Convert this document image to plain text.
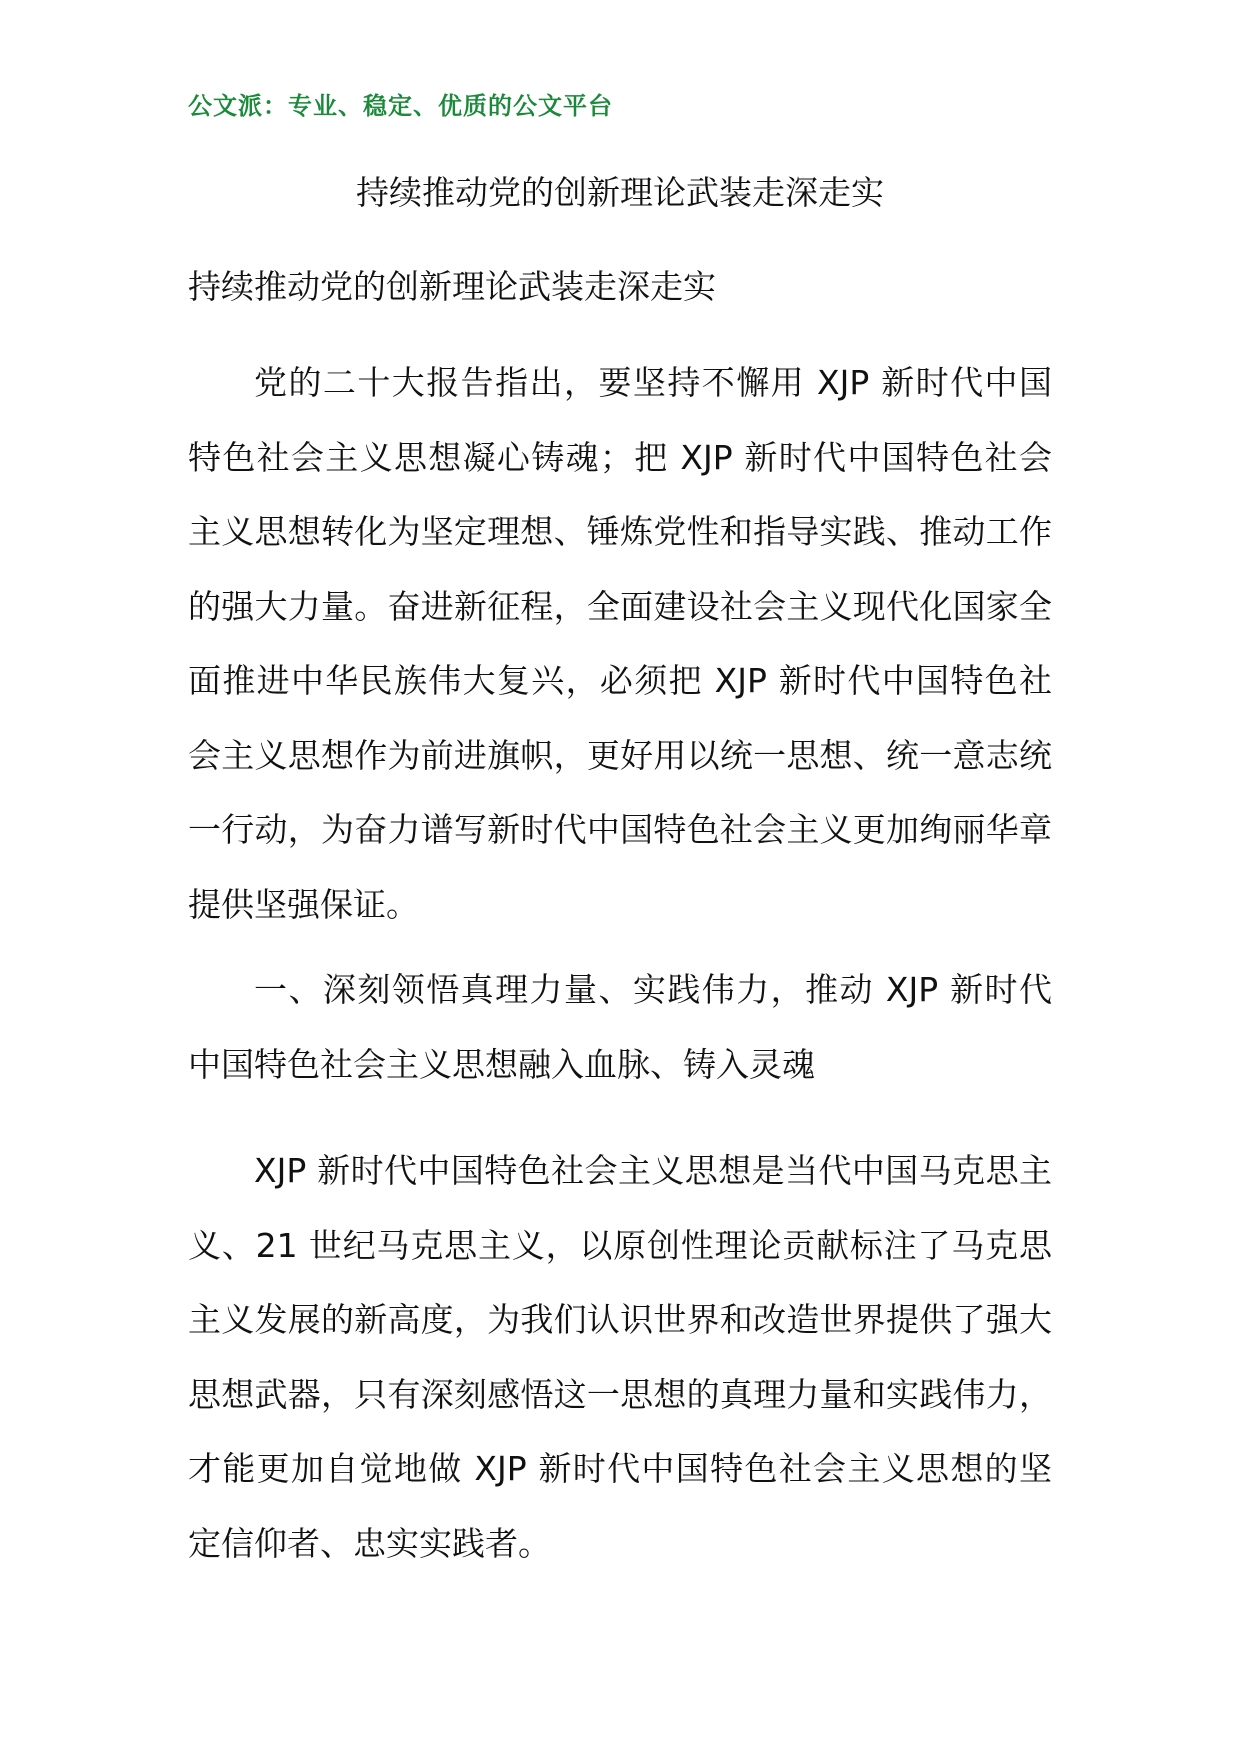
公文派：专业、稳定、优质的公文平台
持续推动党的创新理论武装走深走实
持续推动党的创新理论武装走深走实

党的二十大报告指出，要坚持不懈用 XJP 新时代中国特色社会主义思想凝心铸魂；把 XJP 新时代中国特色社会主义思想转化为坚定理想、锤炼党性和指导实践、推动工作的强大力量。奋进新征程，全面建设社会主义现代化国家全面推进中华民族伟大复兴，必须把 XJP 新时代中国特色社会主义思想作为前进旗帜，更好用以统一思想、统一意志统一行动，为奋力谱写新时代中国特色社会主义更加绚丽华章提供坚强保证。

一、深刻领悟真理力量、实践伟力，推动 XJP 新时代中国特色社会主义思想融入血脉、铸入灵魂

XJP 新时代中国特色社会主义思想是当代中国马克思主义、21 世纪马克思主义，以原创性理论贡献标注了马克思主义发展的新高度，为我们认识世界和改造世界提供了强大思想武器，只有深刻感悟这一思想的真理力量和实践伟力，才能更加自觉地做 XJP 新时代中国特色社会主义思想的坚定信仰者、忠实实践者。
